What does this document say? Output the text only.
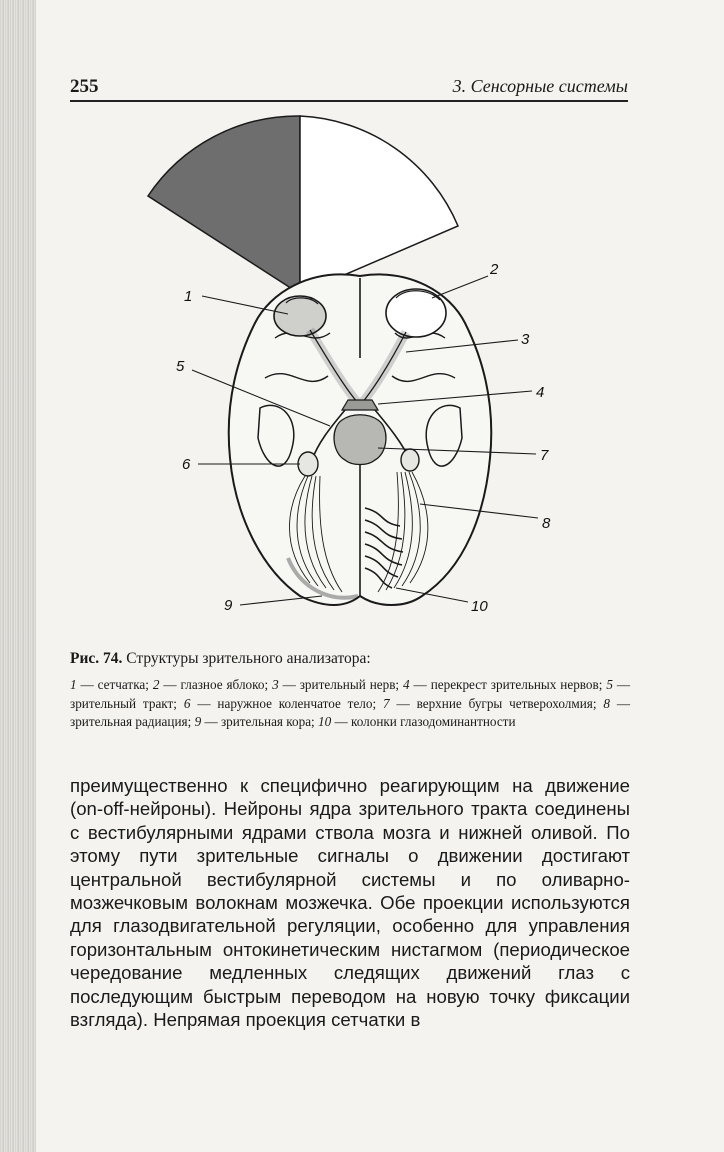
255	3. Сенсорные системы
1
2
3
4
5
6
7
8
9	10
Рис. 74. Структуры зрительного анализатора:
1 — сетчатка; 2 — глазное яблоко; 3 — зрительный нерв; 4 — перекрест зрительных нервов; 5 — зрительный тракт; 6 — наружное коленчатое тело; 7 — верхние бугры четверохолмия; 8 — зрительная радиация; 9 — зрительная кора; 10 — колонки глазодоминантности

преимущественно к специфично реагирующим на движение (on-off-нейроны). Нейроны ядра зрительного тракта соединены с вестибулярными ядрами ствола мозга и нижней оливой. По этому пути зрительные сигналы о движении достигают центральной вестибулярной системы и по оливарно-мозжечковым волокнам мозжечка. Обе проекции используются для глазодвигательной регуляции, особенно для управления горизонтальным онтокинетическим нистагмом (периодическое чередование медленных следящих движений глаз с последующим быстрым переводом на новую точку фиксации взгляда). Непрямая проекция сетчатки в
